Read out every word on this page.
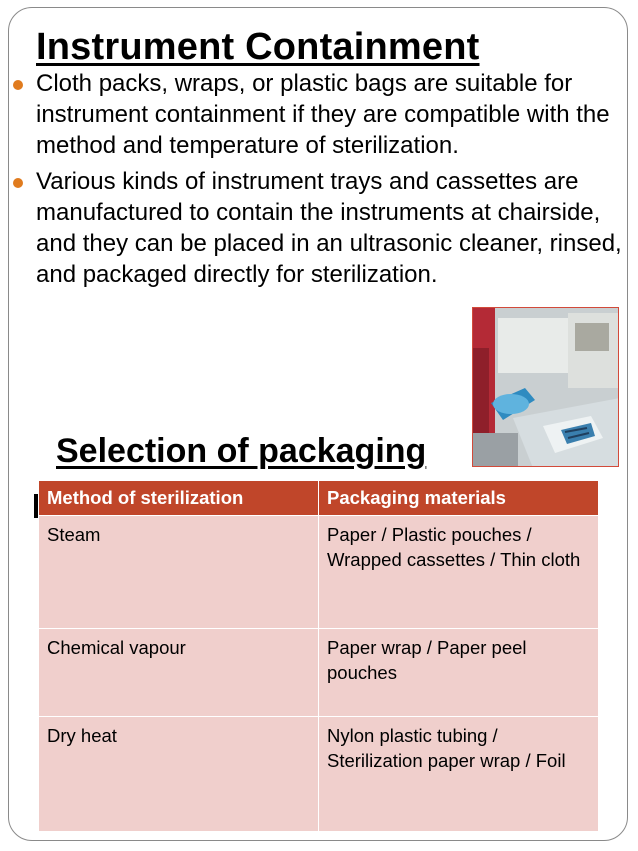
Instrument Containment
Cloth packs, wraps, or plastic bags are suitable for instrument containment if they are compatible with the method and temperature of sterilization.
Various kinds of instrument trays and cassettes are manufactured to contain the instruments at chairside, and they can be placed in an ultrasonic cleaner, rinsed, and packaged directly for sterilization.
Selection of packaging
Method of sterilization	Packaging materials
Steam	Paper / Plastic pouches / Wrapped cassettes / Thin cloth
Chemical vapour	Paper wrap / Paper peel pouches
Dry heat	Nylon plastic tubing / Sterilization paper wrap / Foil
